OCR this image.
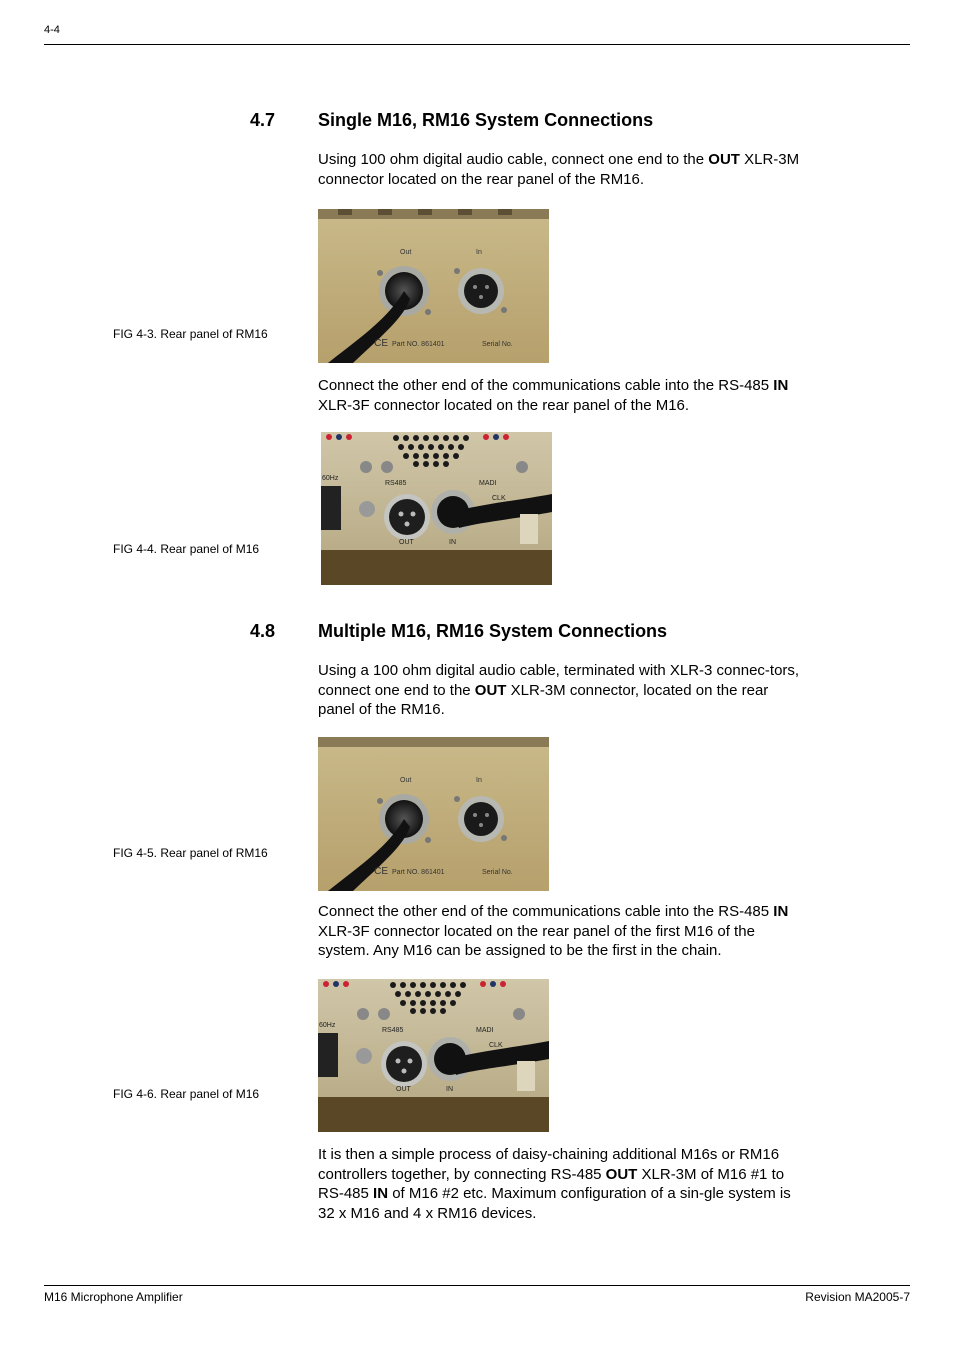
4-4
4.7 Single M16, RM16 System Connections
Using 100 ohm digital audio cable, connect one end to the OUT XLR-3M connector located on the rear panel of the RM16.
FIG 4-3. Rear panel of RM16
Out	In
Part NO. 861401	Serial No.
CE
Connect the other end of the communications cable into the RS-485 IN XLR-3F connector located on the rear panel of the M16.
FIG 4-4. Rear panel of M16
60Hz
RS485	MADI
CLK
OUT	IN
4.8 Multiple M16, RM16 System Connections
Using a 100 ohm digital audio cable, terminated with XLR-3 connec-tors, connect one end to the OUT XLR-3M connector, located on the rear panel of the RM16.
FIG 4-5. Rear panel of RM16
Out	In
Part NO. 861401	Serial No.
CE
Connect the other end of the communications cable into the RS-485 IN XLR-3F connector located on the rear panel of the first M16 of the system. Any M16 can be assigned to be the first in the chain.
FIG 4-6. Rear panel of M16
60Hz
RS485	MADI
CLK
OUT	IN
It is then a simple process of daisy-chaining additional M16s or RM16 controllers together, by connecting RS-485 OUT XLR-3M of M16 #1 to RS-485 IN of M16 #2 etc. Maximum configuration of a sin-gle system is 32 x M16 and 4 x RM16 devices.
M16 Microphone Amplifier	Revision MA2005-7
